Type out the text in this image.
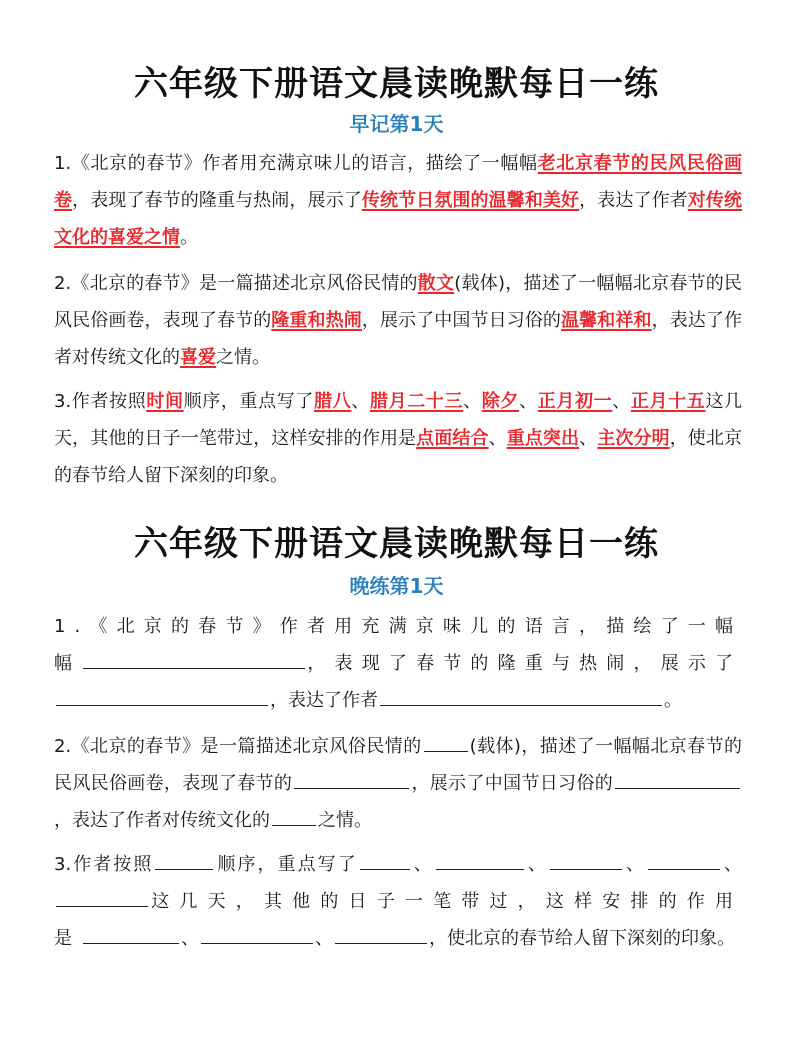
六年级下册语文晨读晚默每日一练
早记第1天
1.《北京的春节》作者用充满京味儿的语言，描绘了一幅幅老北京春节的民风民俗画卷，表现了春节的隆重与热闹，展示了传统节日氛围的温馨和美好，表达了作者对传统文化的喜爱之情。
2.《北京的春节》是一篇描述北京风俗民情的散文(载体)，描述了一幅幅北京春节的民风民俗画卷，表现了春节的隆重和热闹，展示了中国节日习俗的温馨和祥和，表达了作者对传统文化的喜爱之情。
3.作者按照时间顺序，重点写了腊八、腊月二十三、除夕、正月初一、正月十五这几天，其他的日子一笔带过，这样安排的作用是点面结合、重点突出、主次分明，使北京的春节给人留下深刻的印象。
六年级下册语文晨读晚默每日一练
晚练第1天
1.《北京的春节》作者用充满京味儿的语言，描绘了一幅幅	，表现了春节的隆重与热闹，展示了，表达了作者	。
2.《北京的春节》是一篇描述北京风俗民情的	(载体)，描述了一幅幅北京春节的民风民俗画卷，表现了春节的	，展示了中国节日习俗的，表达了作者对传统文化的	之情。
3.作者按照	顺序，重点写了	、	、	、	、这几天，其他的日子一笔带过，这样安排的作用是	、	、	，使北京的春节给人留下深刻的印象。
